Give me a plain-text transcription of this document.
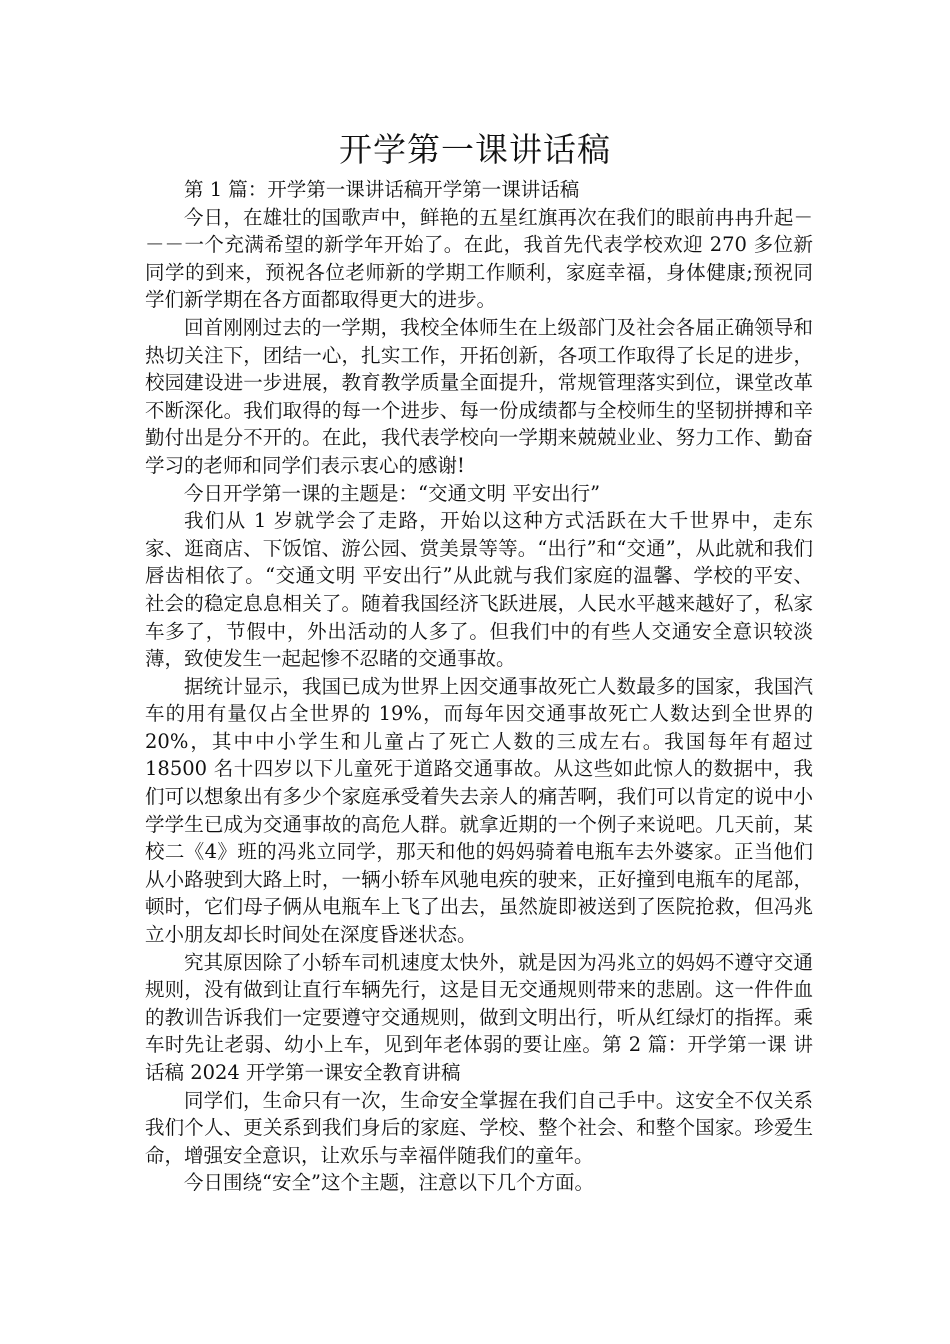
开学第一课讲话稿

第 1 篇：开学第一课讲话稿开学第一课讲话稿

今日，在雄壮的国歌声中，鲜艳的五星红旗再次在我们的眼前冉冉升起－－－一个充满希望的新学年开始了。在此，我首先代表学校欢迎 270 多位新同学的到来，预祝各位老师新的学期工作顺利，家庭幸福，身体健康;预祝同学们新学期在各方面都取得更大的进步。

回首刚刚过去的一学期，我校全体师生在上级部门及社会各届正确领导和热切关注下，团结一心，扎实工作，开拓创新，各项工作取得了长足的进步，校园建设进一步进展，教育教学质量全面提升，常规管理落实到位，课堂改革不断深化。我们取得的每一个进步、每一份成绩都与全校师生的坚韧拼搏和辛勤付出是分不开的。在此，我代表学校向一学期来兢兢业业、努力工作、勤奋学习的老师和同学们表示衷心的感谢!

今日开学第一课的主题是：“交通文明 平安出行”

我们从 1 岁就学会了走路，开始以这种方式活跃在大千世界中，走东家、逛商店、下饭馆、游公园、赏美景等等。“出行”和“交通”，从此就和我们唇齿相依了。“交通文明 平安出行”从此就与我们家庭的温馨、学校的平安、社会的稳定息息相关了。随着我国经济飞跃进展，人民水平越来越好了，私家车多了，节假中，外出活动的人多了。但我们中的有些人交通安全意识较淡薄，致使发生一起起惨不忍睹的交通事故。

据统计显示，我国已成为世界上因交通事故死亡人数最多的国家，我国汽车的用有量仅占全世界的 19%，而每年因交通事故死亡人数达到全世界的 20%，其中中小学生和儿童占了死亡人数的三成左右。我国每年有超过 18500 名十四岁以下儿童死于道路交通事故。从这些如此惊人的数据中，我们可以想象出有多少个家庭承受着失去亲人的痛苦啊，我们可以肯定的说中小学学生已成为交通事故的高危人群。就拿近期的一个例子来说吧。几天前，某校二《4》班的冯兆立同学，那天和他的妈妈骑着电瓶车去外婆家。正当他们从小路驶到大路上时，一辆小轿车风驰电疾的驶来，正好撞到电瓶车的尾部，顿时，它们母子俩从电瓶车上飞了出去，虽然旋即被送到了医院抢救，但冯兆立小朋友却长时间处在深度昏迷状态。

究其原因除了小轿车司机速度太快外，就是因为冯兆立的妈妈不遵守交通规则，没有做到让直行车辆先行，这是目无交通规则带来的悲剧。这一件件血的教训告诉我们一定要遵守交通规则，做到文明出行，听从红绿灯的指挥。乘车时先让老弱、幼小上车，见到年老体弱的要让座。第 2 篇：开学第一课 讲话稿 2024 开学第一课安全教育讲稿

同学们，生命只有一次，生命安全掌握在我们自己手中。这安全不仅关系我们个人、更关系到我们身后的家庭、学校、整个社会、和整个国家。珍爱生命，增强安全意识，让欢乐与幸福伴随我们的童年。

今日围绕“安全”这个主题，注意以下几个方面。
